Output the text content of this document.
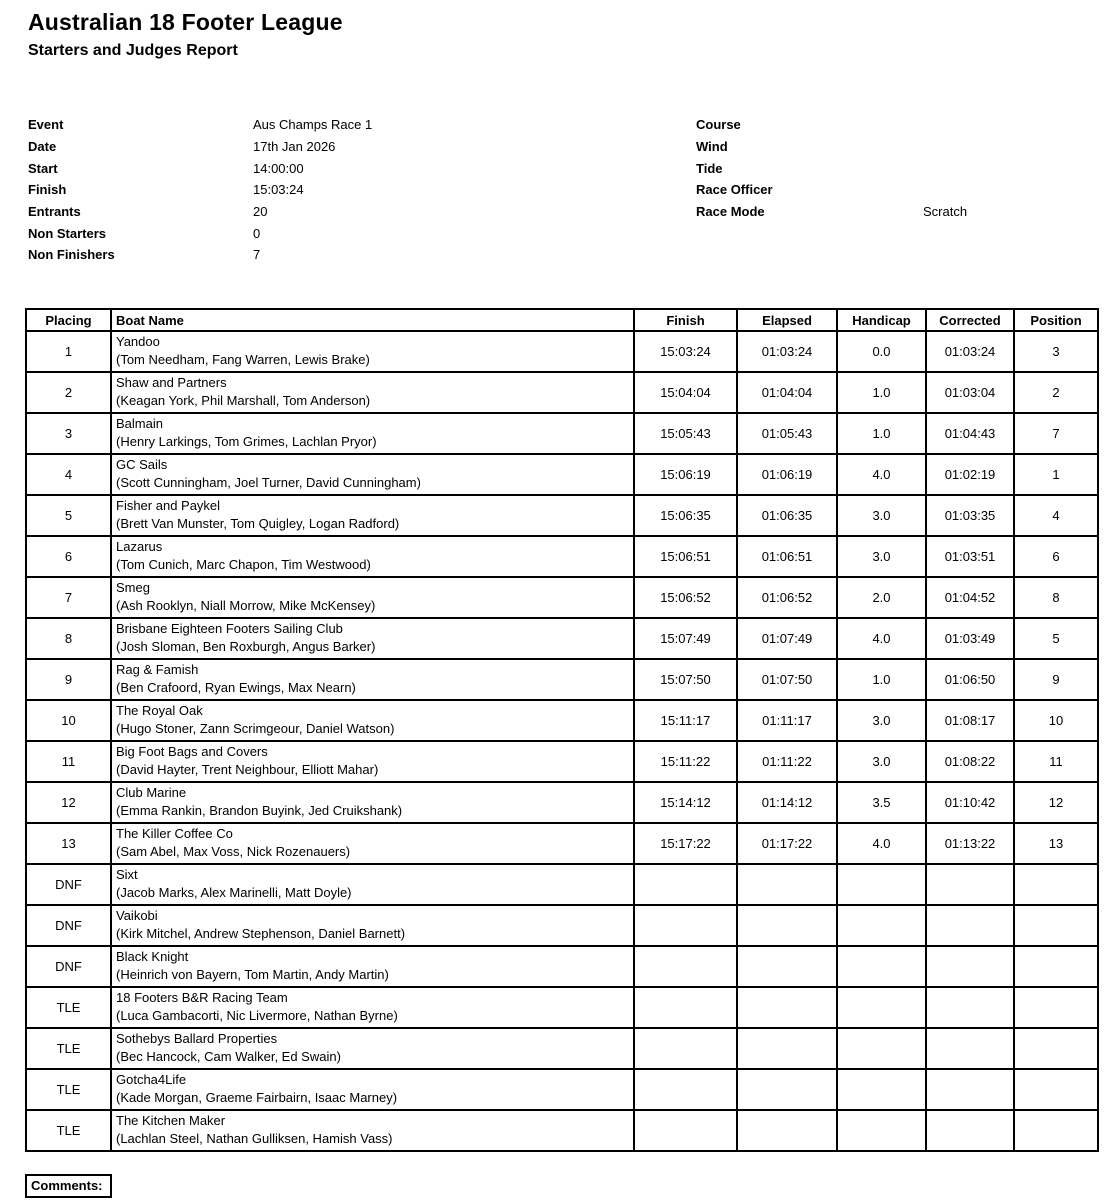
Australian 18 Footer League
Starters and Judges Report
Event	Aus Champs Race 1
Date	17th Jan 2026
Start	14:00:00
Finish	15:03:24
Entrants	20
Non Starters	0
Non Finishers	7
Course
Wind
Tide
Race Officer
Race Mode	Scratch
Placing	Boat Name	Finish	Elapsed	Handicap	Corrected	Position
1	Yandoo
(Tom Needham, Fang Warren, Lewis Brake)	15:03:24	01:03:24	0.0	01:03:24	3
2	Shaw and Partners
(Keagan York, Phil Marshall, Tom Anderson)	15:04:04	01:04:04	1.0	01:03:04	2
3	Balmain
(Henry Larkings, Tom Grimes, Lachlan Pryor)	15:05:43	01:05:43	1.0	01:04:43	7
4	GC Sails
(Scott Cunningham, Joel Turner, David Cunningham)	15:06:19	01:06:19	4.0	01:02:19	1
5	Fisher and Paykel
(Brett Van Munster, Tom Quigley, Logan Radford)	15:06:35	01:06:35	3.0	01:03:35	4
6	Lazarus
(Tom Cunich, Marc Chapon, Tim Westwood)	15:06:51	01:06:51	3.0	01:03:51	6
7	Smeg
(Ash Rooklyn, Niall Morrow, Mike McKensey)	15:06:52	01:06:52	2.0	01:04:52	8
8	Brisbane Eighteen Footers Sailing Club
(Josh Sloman, Ben Roxburgh, Angus Barker)	15:07:49	01:07:49	4.0	01:03:49	5
9	Rag & Famish
(Ben Crafoord, Ryan Ewings, Max Nearn)	15:07:50	01:07:50	1.0	01:06:50	9
10	The Royal Oak
(Hugo Stoner, Zann Scrimgeour, Daniel Watson)	15:11:17	01:11:17	3.0	01:08:17	10
11	Big Foot Bags and Covers
(David Hayter, Trent Neighbour, Elliott Mahar)	15:11:22	01:11:22	3.0	01:08:22	11
12	Club Marine
(Emma Rankin, Brandon Buyink, Jed Cruikshank)	15:14:12	01:14:12	3.5	01:10:42	12
13	The Killer Coffee Co
(Sam Abel, Max Voss, Nick Rozenauers)	15:17:22	01:17:22	4.0	01:13:22	13
DNF	Sixt
(Jacob Marks, Alex Marinelli, Matt Doyle)					

DNF	Vaikobi
(Kirk Mitchel, Andrew Stephenson, Daniel Barnett)					

DNF	Black Knight
(Heinrich von Bayern, Tom Martin, Andy Martin)					

TLE	18 Footers B&R Racing Team
(Luca Gambacorti, Nic Livermore, Nathan Byrne)					

TLE	Sothebys Ballard Properties
(Bec Hancock, Cam Walker, Ed Swain)					

TLE	Gotcha4Life
(Kade Morgan, Graeme Fairbairn, Isaac Marney)					

TLE	The Kitchen Maker
(Lachlan Steel, Nathan Gulliksen, Hamish Vass)					

Comments:
